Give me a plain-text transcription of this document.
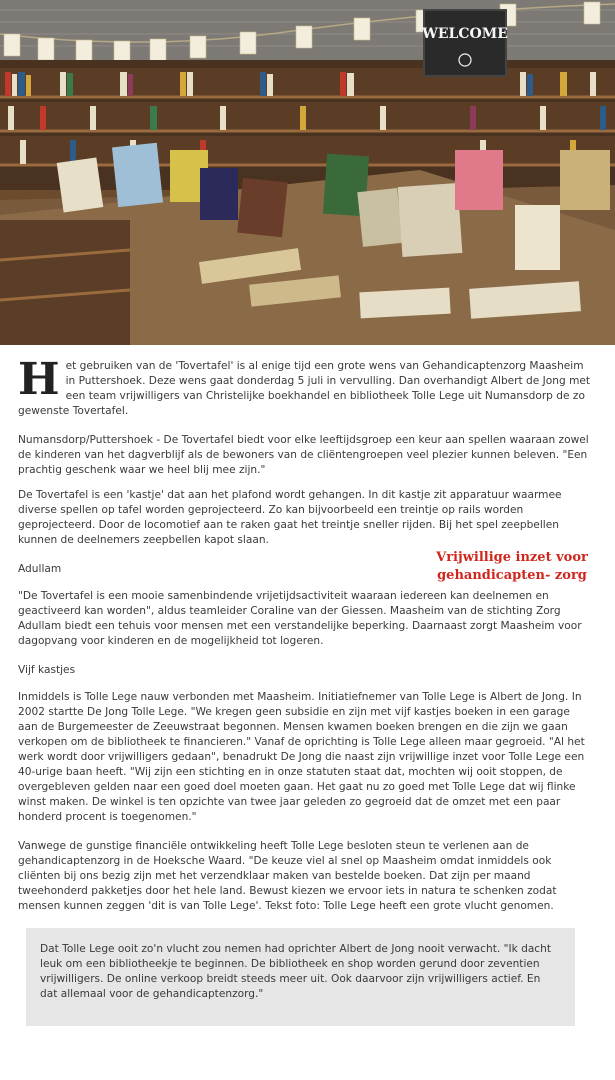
WELCOME
H et gebruiken van de 'Tovertafel' is al enige tijd een grote wens van Gehandicaptenzorg Maasheim in Puttershoek. Deze wens gaat donderdag 5 juli in vervulling. Dan overhandigt Albert de Jong met een team vrijwilligers van Christelijke boekhandel en bibliotheek Tolle Lege uit Numansdorp de zo gewenste Tovertafel.

Numansdorp/Puttershoek - De Tovertafel biedt voor elke leeftijdsgroep een keur aan spellen waaraan zowel de kinderen van het dagverblijf als de bewoners van de cliëntengroepen veel plezier kunnen beleven. "Een prachtig geschenk waar we heel blij mee zijn."

De Tovertafel is een 'kastje' dat aan het plafond wordt gehangen. In dit kastje zit apparatuur waarmee diverse spellen op tafel worden geprojecteerd. Zo kan bijvoorbeeld een treintje op rails worden geprojecteerd. Door de locomotief aan te raken gaat het treintje sneller rijden. Bij het spel zeepbellen kunnen de deelnemers zeepbellen kapot slaan.

Adullam

Vrijwillige inzet voor gehandicapten- zorg

"De Tovertafel is een mooie samenbindende vrijetijdsactiviteit waaraan iedereen kan deelnemen en geactiveerd kan worden", aldus teamleider Coraline van der Giessen. Maasheim van de stichting Zorg Adullam biedt een tehuis voor mensen met een verstandelijke beperking. Daarnaast zorgt Maasheim voor dagopvang voor kinderen en de mogelijkheid tot logeren.

Vijf kastjes

Inmiddels is Tolle Lege nauw verbonden met Maasheim. Initiatiefnemer van Tolle Lege is Albert de Jong. In 2002 startte De Jong Tolle Lege. "We kregen geen subsidie en zijn met vijf kastjes boeken in een garage aan de Burgemeester de Zeeuwstraat begonnen. Mensen kwamen boeken brengen en die zijn we gaan verkopen om de bibliotheek te financieren." Vanaf de oprichting is Tolle Lege alleen maar gegroeid. "Al het werk wordt door vrijwilligers gedaan", benadrukt De Jong die naast zijn vrijwillige inzet voor Tolle Lege een 40-urige baan heeft. "Wij zijn een stichting en in onze statuten staat dat, mochten wij ooit stoppen, de overgebleven gelden naar een goed doel moeten gaan. Het gaat nu zo goed met Tolle Lege dat wij flinke winst maken. De winkel is ten opzichte van twee jaar geleden zo gegroeid dat de omzet met een paar honderd procent is toegenomen."

Vanwege de gunstige financiële ontwikkeling heeft Tolle Lege besloten steun te verlenen aan de gehandicaptenzorg in de Hoeksche Waard. "De keuze viel al snel op Maasheim omdat inmiddels ook cliënten bij ons bezig zijn met het verzendklaar maken van bestelde boeken. Dat zijn per maand tweehonderd pakketjes door het hele land. Bewust kiezen we ervoor iets in natura te schenken zodat mensen kunnen zeggen 'dit is van Tolle Lege'. Tekst foto: Tolle Lege heeft een grote vlucht genomen.

Dat Tolle Lege ooit zo'n vlucht zou nemen had oprichter Albert de Jong nooit verwacht. "Ik dacht leuk om een bibliotheekje te beginnen. De bibliotheek en shop worden gerund door zeventien vrijwilligers. De online verkoop breidt steeds meer uit. Ook daarvoor zijn vrijwilligers actief. En dat allemaal voor de gehandicaptenzorg."
